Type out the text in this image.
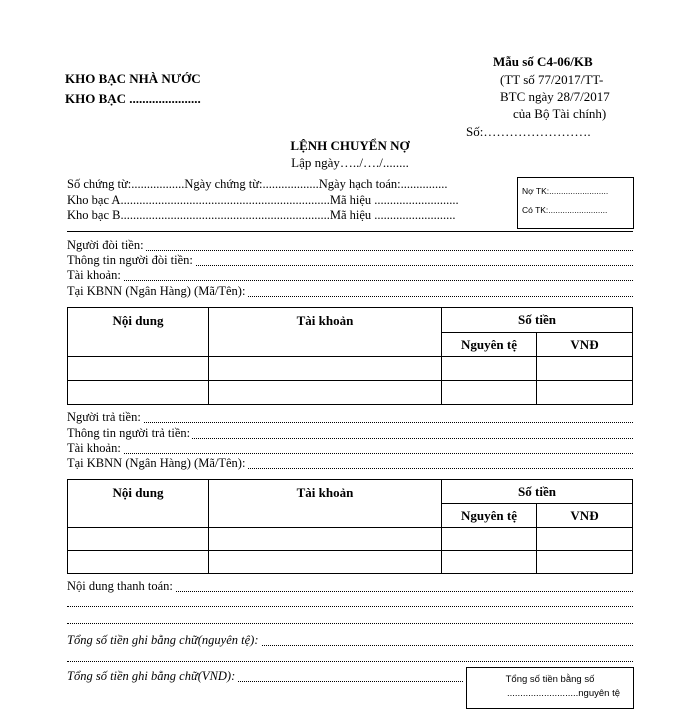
KHO BẠC NHÀ NƯỚC
KHO BẠC ......................
Mẫu số C4-06/KB
(TT số 77/2017/TT-
BTC ngày 28/7/2017
của Bộ Tài chính)
Số:…………………….
LỆNH CHUYỂN NỢ
Lập ngày…../…./........
Số chứng từ:.................Ngày chứng từ:..................Ngày hạch toán:...............
Kho bạc A...................................................................Mã hiệu ...........................
Kho bạc B...................................................................Mã hiệu ..........................
Nợ TK:.........................
Có TK:.........................
Người đòi tiền:
Thông tin người đòi tiền:
Tài khoản:
Tại KBNN (Ngân Hàng) (Mã/Tên):
Nội dung	Tài khoản	Số tiền	
		Nguyên tệ	VNĐ

Người trả tiền:
Thông tin người trả tiền:
Tài khoản:
Tại KBNN (Ngân Hàng) (Mã/Tên):
Nội dung	Tài khoản	Số tiền	
		Nguyên tệ	VNĐ

Nội dung thanh toán:
Tổng số tiền ghi bằng chữ(nguyên tệ):
Tổng số tiền ghi bằng chữ(VND):	Tổng số tiền bằng số
...........................nguyên tệ
